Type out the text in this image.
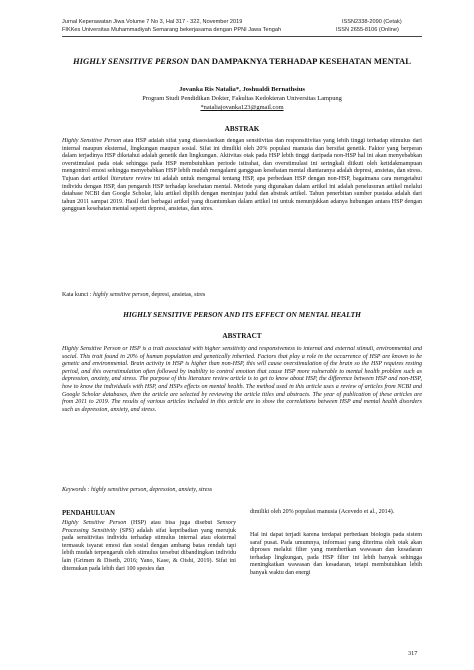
Jurnal Keperawatan Jiwa Volume 7 No 3, Hal 317 - 322, November 2019	ISSN2338-2090 (Cetak)
FIKKes Universitas Muhammadiyah Semarang bekerjasama dengan PPNI Jawa Tengah	ISSN 2655-8106 (Online)
HIGHLY SENSITIVE PERSON DAN DAMPAKNYA TERHADAP KESEHATAN MENTAL
Jovanka Ris Natalia*, Joshualdi Bernathsius
Program Studi Pendidikan Dokter, Fakultas Kedokteran Universitas Lampung
*nataliajovanka123@gmail.com
ABSTRAK
Highly Sensitive Person atau HSP adalah sifat yang diasosiasikan dengan sensitivitas dan responsitivitas yang lebih tinggi terhadap stimulus dari internal maupun eksternal, lingkungan maupun sosial. Sifat ini dimiliki oleh 20% populasi manusia dan bersifat genetik. Faktor yang berperan dalam terjadinya HSP diketahui adalah genetik dan lingkungan. Aktivitas otak pada HSP lebih tinggi daripada non-HSP hal ini akan menyebabkan overstimulasi pada otak sehingga pada HSP membutuhkan periode istirahat, dan overstimulasi ini seringkali diikuti oleh ketidakmampuan mengontrol emosi sehingga menyebabkan HSP lebih mudah mengalami gangguan kesehatan mental diantaranya adalah depresi, ansietas, dan stress. Tujuan dari artikel literature review ini adalah untuk mengenal tentang HSP, apa perbedaan HSP dengan non-HSP, bagaimana cara mengetahui individu dengan HSP, dan pengaruh HSP terhadap kesehatan mental. Metode yang digunakan dalam artikel ini adalah penelusuran artikel melalui database NCBI dan Google Scholar, lalu artikel dipilih dengan meninjau judul dan abstrak artikel. Tahun penerbitan sumber pustaka adalah dari tahun 2011 sampai 2019. Hasil dari berbagai artikel yang dicantumkan dalam artikel ini untuk menunjukkan adanya hubungan antara HSP dengan gangguan kesehatan mental seperti depresi, ansietas, dan stres.
Kata kunci : highly sensitive person, depresi, ansietas, stres
HIGHLY SENSITIVE PERSON AND ITS EFFECT ON MENTAL HEALTH
ABSTRACT
Highly Sensitive Person or HSP is a trait associated with higher sensitivity and responsiveness to internal and external stimuli, environmental and social. This trait found in 20% of human population and genetically inherited. Factors that play a role in the occurrence of HSP are known to be genetic and environmental. Brain activity in HSP is higher than non-HSP, this will cause overstimulation of the brain so the HSP requires resting period, and this overstimulation often followed by inability to control emotion that cause HSP more vulnerable to mental health problem such as depression, anxiety, and stress. The purpose of this literature review article is to get to know about HSP, the difference between HSP and non-HSP, how to know the individuals with HSP, and HSPs effects on mental health. The method used in this article uses a review of articles from NCBI and Google Scholar databases, then the article are selected by reviewing the article titles and abstracts. The year of publication of these articles are from 2011 to 2019. The results of various articles included in this article are to show the correlations between HSP and mental health disorders such as depression, anxiety, and stress.
Keywords : highly sensitive person, depression, anxiety, stress
PENDAHULUAN
Highly Sensitive Person (HSP) atau bisa juga disebut Sensory Processing Sensitivity (SPS) adalah sifat kepribadian yang merujuk pada sensitivitas individu terhadap stimulus internal atau eksternal termasuk isyarat emosi dan sosial dengan ambang batas rendah tapi lebih mudah terpengaruh oleh stimulus tersebut dibandingkan individu lain (Grimen & Diseth, 2016; Yano, Kase, & Oishi, 2019). Sifat ini ditemukan pada lebih dari 100 spesies dan
dimiliki oleh 20% populasi manusia (Acevedo et al., 2014).
Hal ini dapat terjadi karena terdapat perbedaan biologis pada sistem saraf pusat. Pada umumnya, informasi yang diterima oleh otak akan diproses melalui filter yang memberikan wawasan dan kesadaran terhadap lingkungan, pada HSP filter ini lebih banyak sehingga meningkatkan wawasan dan kesadaran, tetapi membutuhkan lebih banyak waktu dan energi
317
